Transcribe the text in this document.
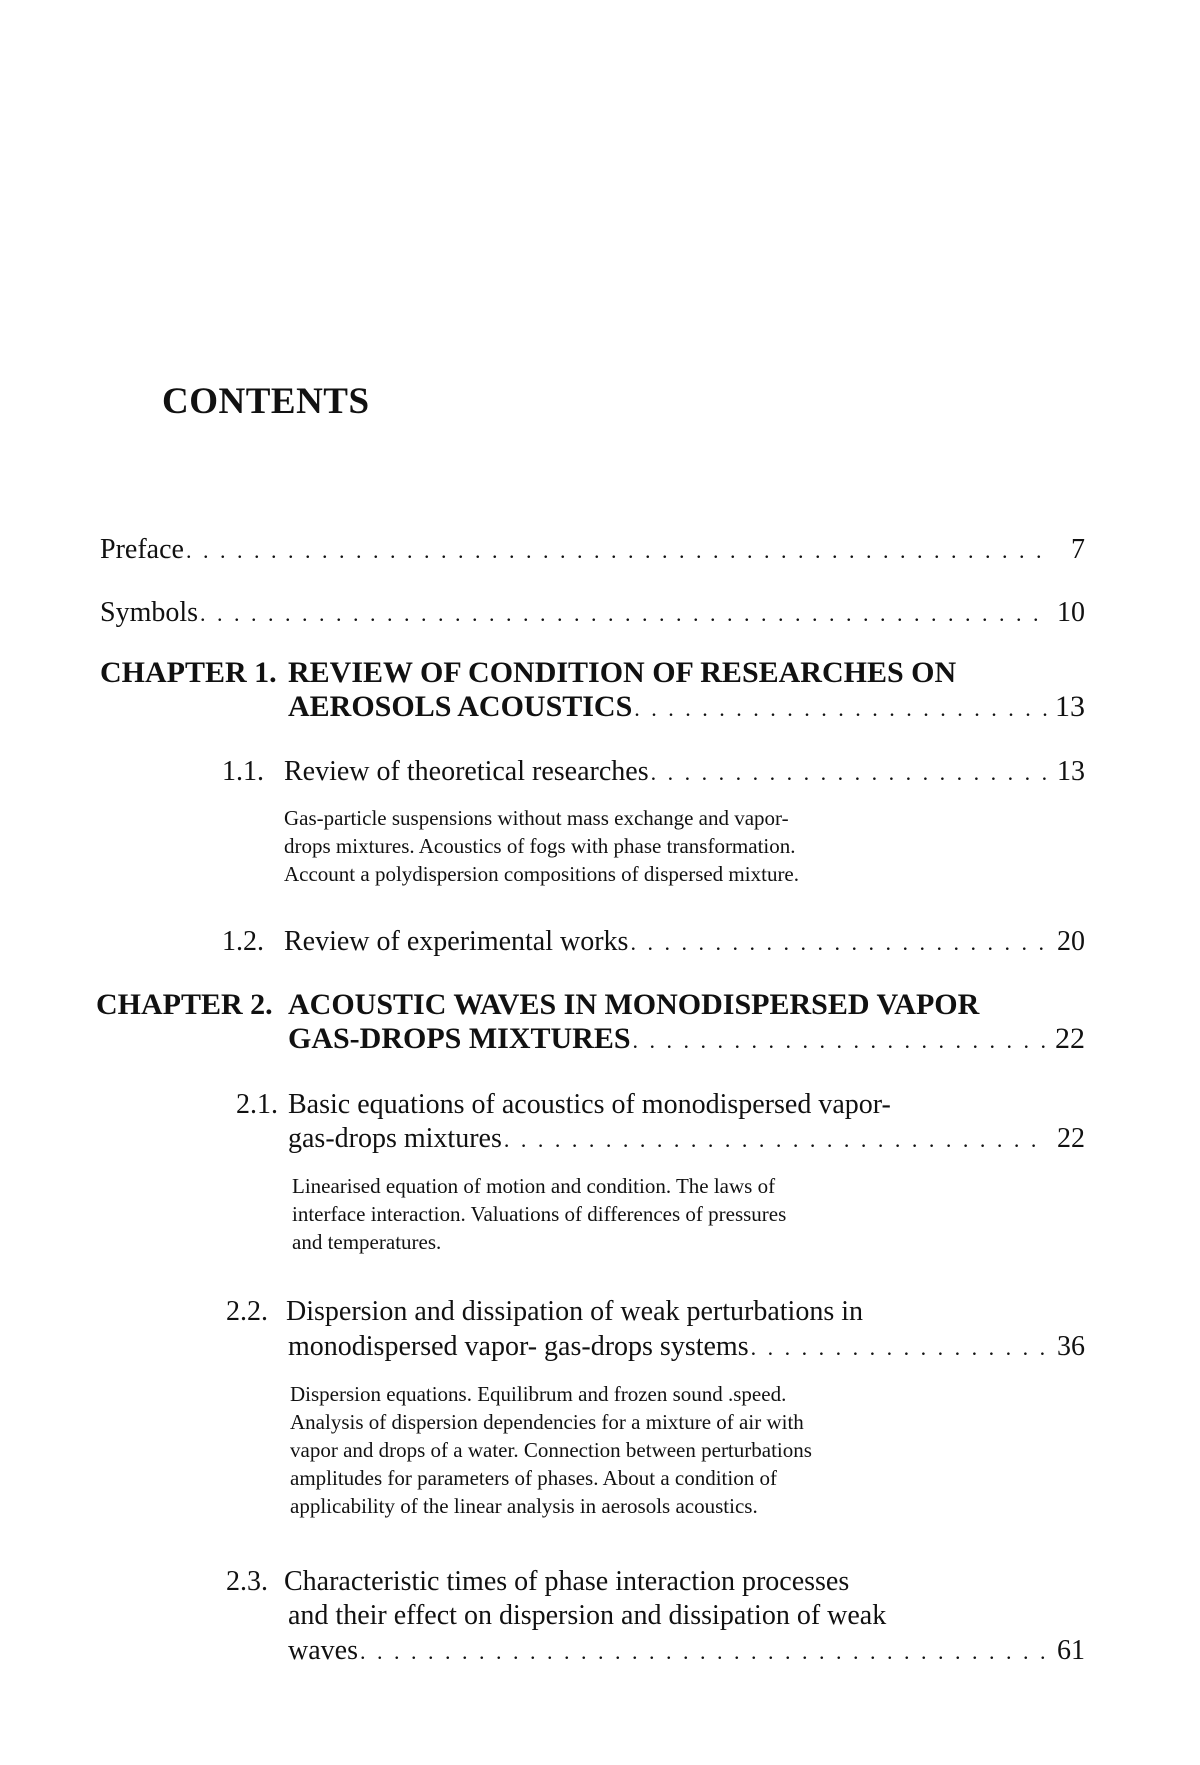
CONTENTS
Preface . . .	7
Symbols . . .	10
CHAPTER 1. REVIEW OF CONDITION OF RESEARCHES ON
AEROSOLS ACOUSTICS . . .	13
1.1. Review of theoretical researches . . .	13
Gas-particle suspensions without mass exchange and vapor-
drops mixtures. Acoustics of fogs with phase transformation.
Account a polydispersion compositions of dispersed mixture.
1.2. Review of experimental works . . .	20
CHAPTER 2. ACOUSTIC WAVES IN MONODISPERSED VAPOR
GAS-DROPS MIXTURES . . .	22
2.1. Basic equations of acoustics of monodispersed vapor-
gas-drops mixtures . . .	22
Linearised equation of motion and condition. The laws of
interface interaction. Valuations of differences of pressures
and temperatures.
2.2. Dispersion and dissipation of weak perturbations in
monodispersed vapor- gas-drops systems . . .	36
Dispersion equations. Equilibrum and frozen sound .speed.
Analysis of dispersion dependencies for a mixture of air with
vapor and drops of a water. Connection between perturbations
amplitudes for parameters of phases. About a condition of
applicability of the linear analysis in aerosols acoustics.
2.3. Characteristic times of phase interaction processes
and their effect on dispersion and dissipation of weak
waves . . .	61
